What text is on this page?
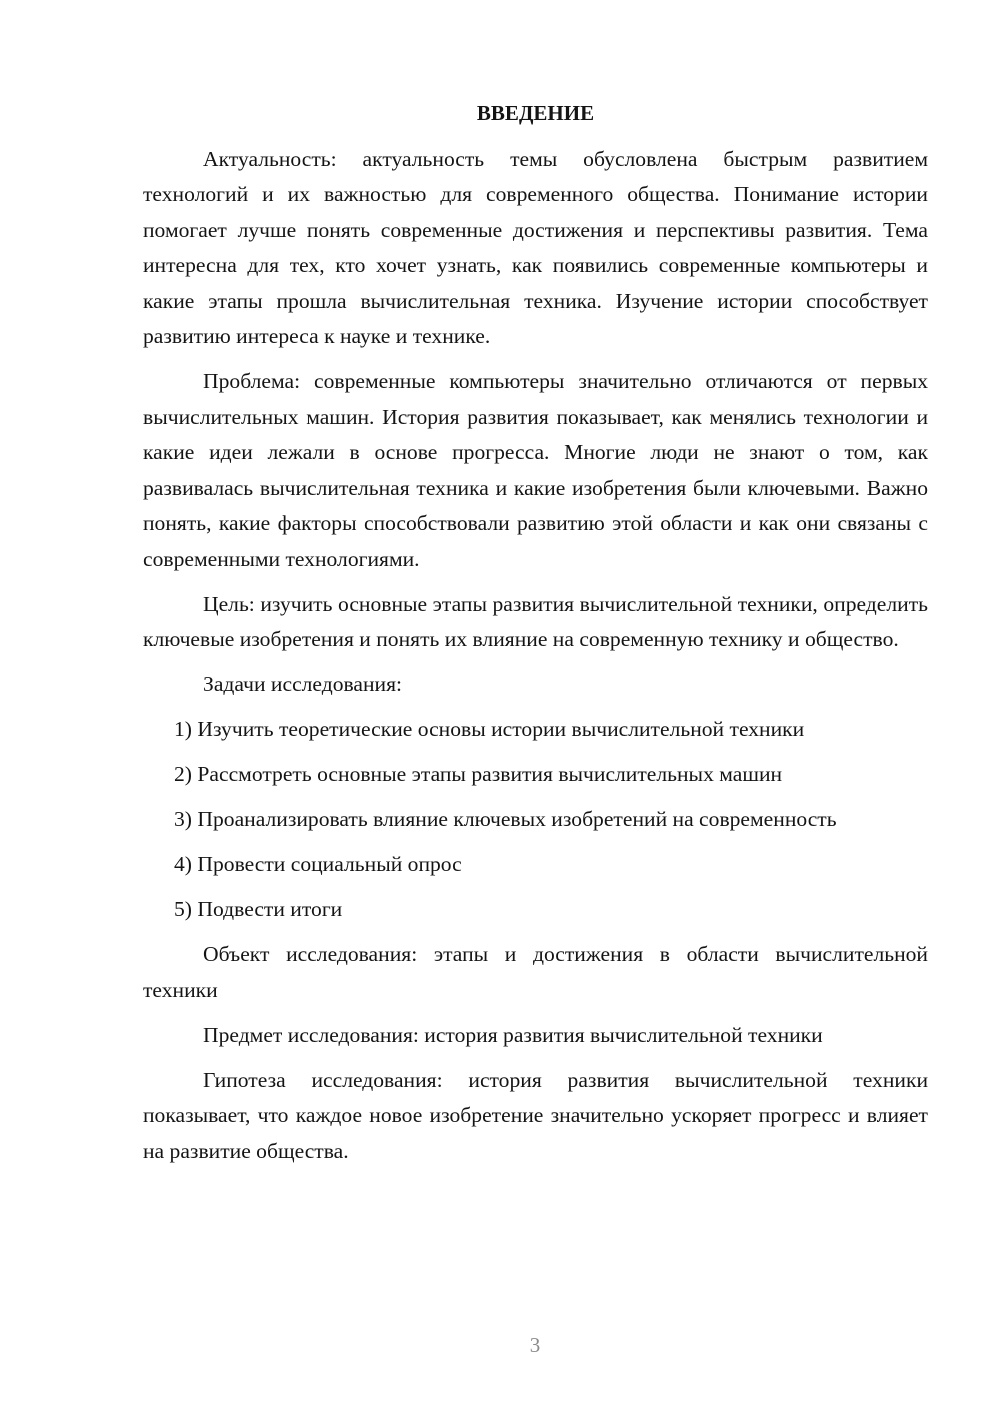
ВВЕДЕНИЕ

Актуальность: актуальность темы обусловлена быстрым развитием технологий и их важностью для современного общества. Понимание истории помогает лучше понять современные достижения и перспективы развития. Тема интересна для тех, кто хочет узнать, как появились современные компьютеры и какие этапы прошла вычислительная техника. Изучение истории способствует развитию интереса к науке и технике.

Проблема: современные компьютеры значительно отличаются от первых вычислительных машин. История развития показывает, как менялись технологии и какие идеи лежали в основе прогресса. Многие люди не знают о том, как развивалась вычислительная техника и какие изобретения были ключевыми. Важно понять, какие факторы способствовали развитию этой области и как они связаны с современными технологиями.

Цель: изучить основные этапы развития вычислительной техники, определить ключевые изобретения и понять их влияние на современную технику и общество.

Задачи исследования:

1) Изучить теоретические основы истории вычислительной техники

2) Рассмотреть основные этапы развития вычислительных машин

3) Проанализировать влияние ключевых изобретений на современность

4) Провести социальный опрос

5) Подвести итоги

Объект исследования: этапы и достижения в области вычислительной техники

Предмет исследования: история развития вычислительной техники

Гипотеза исследования: история развития вычислительной техники показывает, что каждое новое изобретение значительно ускоряет прогресс и влияет на развитие общества.

3
